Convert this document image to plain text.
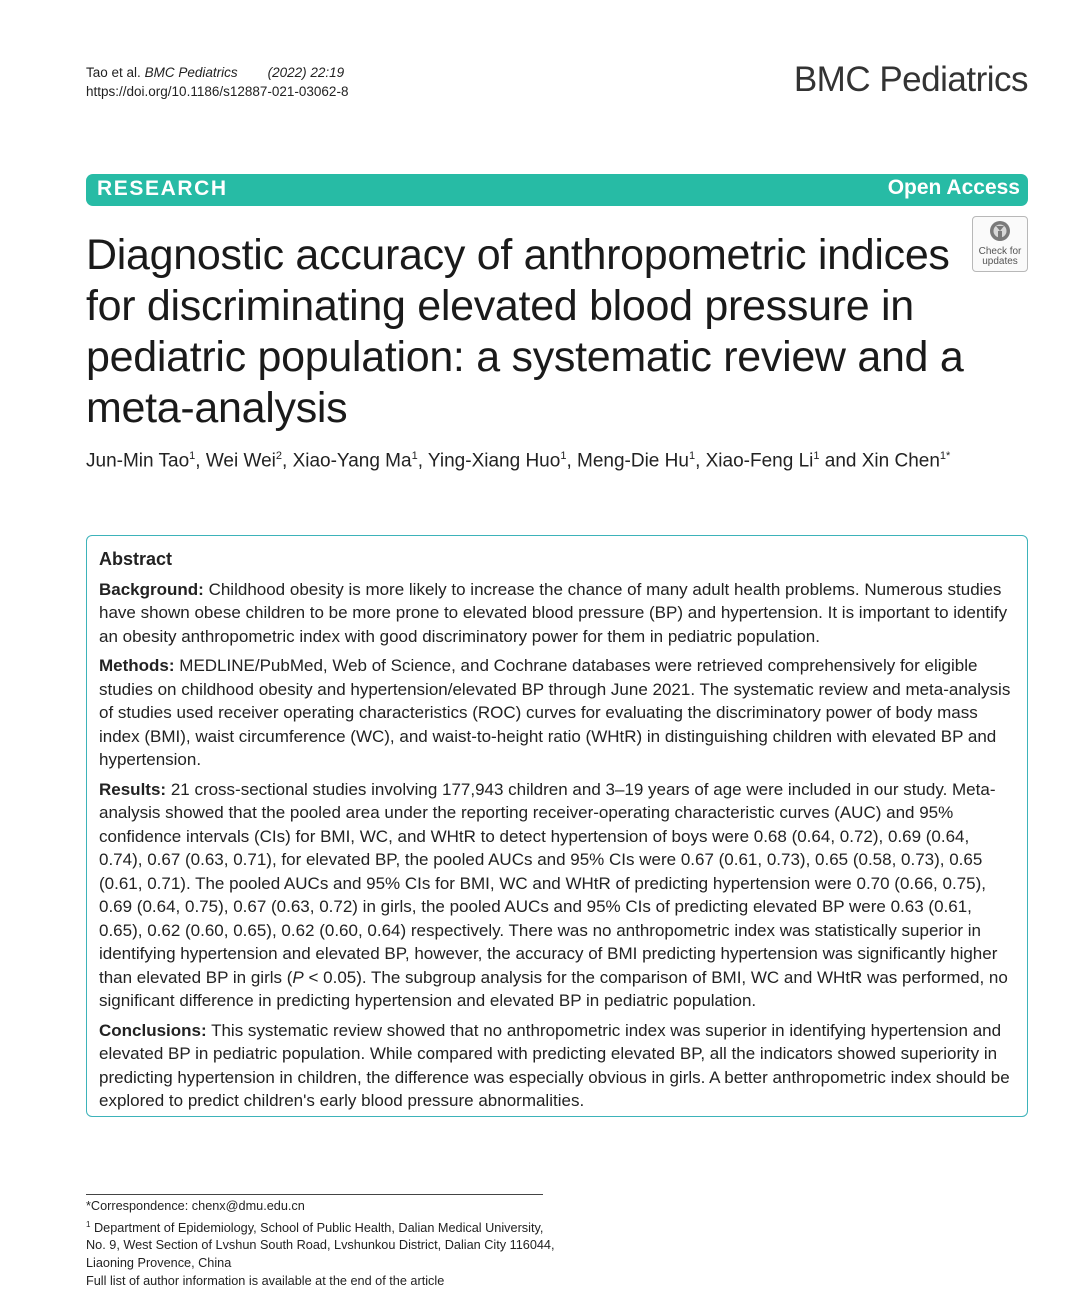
Tao et al. BMC Pediatrics (2022) 22:19
https://doi.org/10.1186/s12887-021-03062-8	BMC Pediatrics
RESEARCH	Open Access
Check for
updates
Diagnostic accuracy of anthropometric indices for discriminating elevated blood pressure in pediatric population: a systematic review and a meta-analysis
Jun-Min Tao$^1$, Wei Wei$^2$, Xiao-Yang Ma$^1$, Ying-Xiang Huo$^1$, Meng-Die Hu$^1$, Xiao-Feng Li$^1$ and Xin Chen$^{1*}$
Abstract

Background: Childhood obesity is more likely to increase the chance of many adult health problems. Numerous studies have shown obese children to be more prone to elevated blood pressure (BP) and hypertension. It is important to identify an obesity anthropometric index with good discriminatory power for them in pediatric population.

Methods: MEDLINE/PubMed, Web of Science, and Cochrane databases were retrieved comprehensively for eligible studies on childhood obesity and hypertension/elevated BP through June 2021. The systematic review and meta-analysis of studies used receiver operating characteristics (ROC) curves for evaluating the discriminatory power of body mass index (BMI), waist circumference (WC), and waist-to-height ratio (WHtR) in distinguishing children with elevated BP and hypertension.

Results: 21 cross-sectional studies involving 177,943 children and 3–19 years of age were included in our study. Meta-analysis showed that the pooled area under the reporting receiver-operating characteristic curves (AUC) and 95% confidence intervals (CIs) for BMI, WC, and WHtR to detect hypertension of boys were 0.68 (0.64, 0.72), 0.69 (0.64, 0.74), 0.67 (0.63, 0.71), for elevated BP, the pooled AUCs and 95% CIs were 0.67 (0.61, 0.73), 0.65 (0.58, 0.73), 0.65 (0.61, 0.71). The pooled AUCs and 95% CIs for BMI, WC and WHtR of predicting hypertension were 0.70 (0.66, 0.75), 0.69 (0.64, 0.75), 0.67 (0.63, 0.72) in girls, the pooled AUCs and 95% CIs of predicting elevated BP were 0.63 (0.61, 0.65), 0.62 (0.60, 0.65), 0.62 (0.60, 0.64) respectively. There was no anthropometric index was statistically superior in identifying hypertension and elevated BP, however, the accuracy of BMI predicting hypertension was significantly higher than elevated BP in girls (P < 0.05). The subgroup analysis for the comparison of BMI, WC and WHtR was performed, no significant difference in predicting hypertension and elevated BP in pediatric population.

Conclusions: This systematic review showed that no anthropometric index was superior in identifying hypertension and elevated BP in pediatric population. While compared with predicting elevated BP, all the indicators showed superiority in predicting hypertension in children, the difference was especially obvious in girls. A better anthropometric index should be explored to predict children's early blood pressure abnormalities.

*Correspondence: chenx@dmu.edu.cn

$^1$ Department of Epidemiology, School of Public Health, Dalian Medical University, No. 9, West Section of Lvshun South Road, Lvshunkou District, Dalian City 116044, Liaoning Provence, China

Full list of author information is available at the end of the article
